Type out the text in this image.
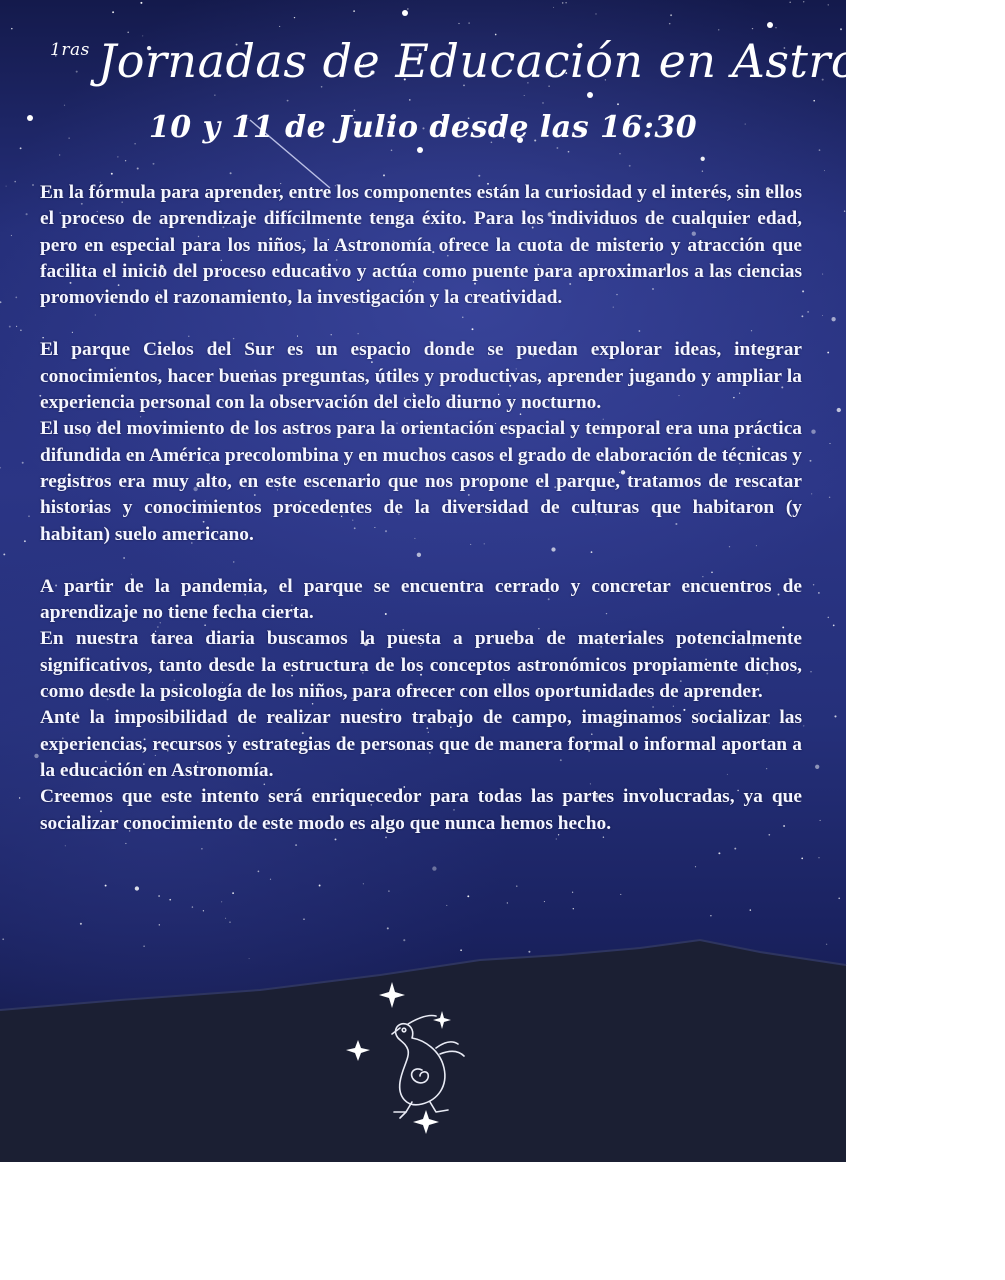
$^{1ras}$ Jornadas de Educación en Astronomía
10 y 11 de Julio desde las 16:30

En la fórmula para aprender, entre los componentes están la curiosidad y el interés, sin ellos el proceso de aprendizaje difícilmente tenga éxito. Para los individuos de cualquier edad, pero en especial para los niños, la Astronomía ofrece la cuota de misterio y atracción que facilita el inicio del proceso educativo y actúa como puente para aproximarlos a las ciencias promoviendo el razonamiento, la investigación y la creatividad.

El parque Cielos del Sur es un espacio donde se puedan explorar ideas, integrar conocimientos, hacer buenas preguntas, útiles y productivas, aprender jugando y ampliar la experiencia personal con la observación del cielo diurno y nocturno.

El uso del movimiento de los astros para la orientación espacial y temporal era una práctica difundida en América precolombina y en muchos casos el grado de elaboración de técnicas y registros era muy alto, en este escenario que nos propone el parque, tratamos de rescatar historias y conocimientos procedentes de la diversidad de culturas que habitaron (y habitan) suelo americano.

A partir de la pandemia, el parque se encuentra cerrado y concretar encuentros de aprendizaje no tiene fecha cierta.

En nuestra tarea diaria buscamos la puesta a prueba de materiales potencialmente significativos, tanto desde la estructura de los conceptos astronómicos propiamente dichos, como desde la psicología de los niños, para ofrecer con ellos oportunidades de aprender.

Ante la imposibilidad de realizar nuestro trabajo de campo, imaginamos socializar las experiencias, recursos y estrategias de personas que de manera formal o informal aportan a la educación en Astronomía.

Creemos que este intento será enriquecedor para todas las partes involucradas, ya que socializar conocimiento de este modo es algo que nunca hemos hecho.
